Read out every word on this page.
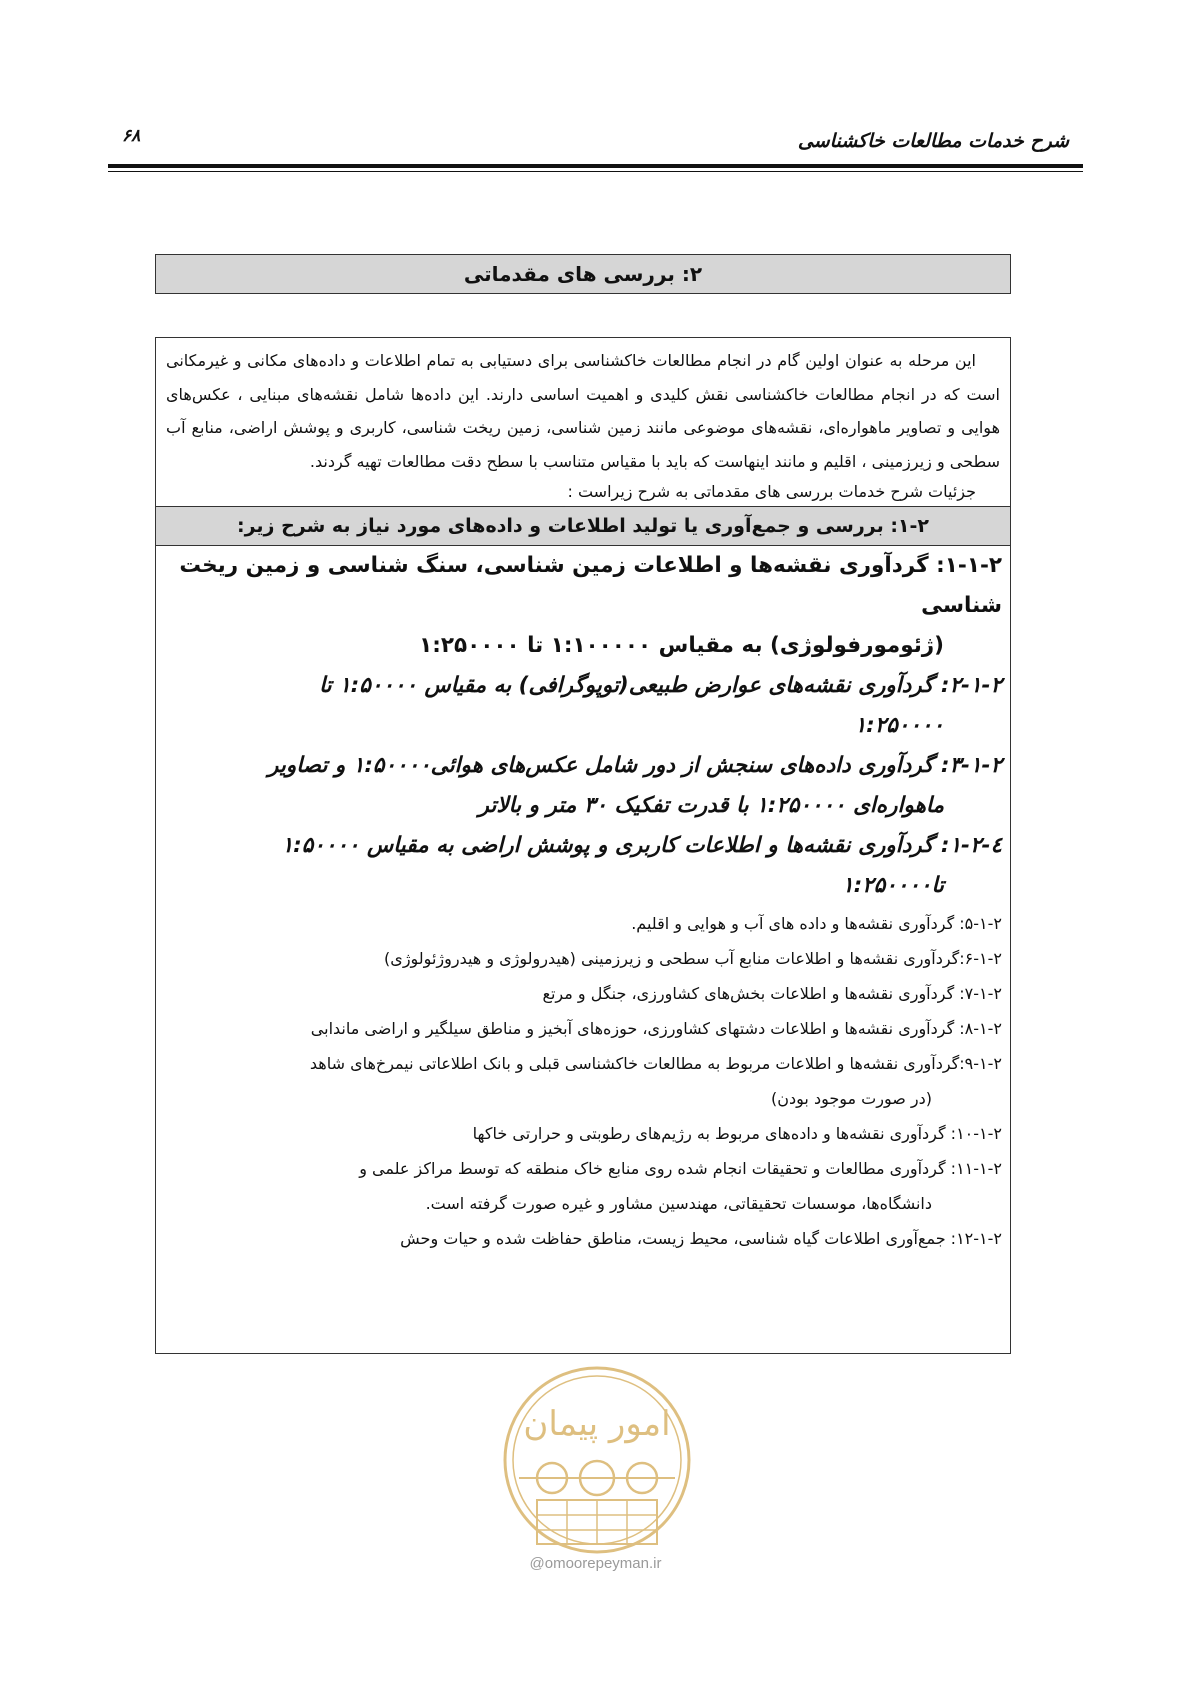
۶۸	شرح خدمات مطالعات خاکشناسی
۲: بررسی های مقدماتی

این مرحله به عنوان اولین گام در انجام مطالعات خاکشناسی برای دستیابی به تمام اطلاعات و داده‌های مکانی و غیرمکانی است که در انجام مطالعات خاکشناسی نقش کلیدی و اهمیت اساسی دارند. این داده‌ها شامل نقشه‌های مبنایی ، عکس‌های هوایی و تصاویر ماهواره‌ای، نقشه‌های موضوعی مانند زمین شناسی، زمین ریخت شناسی، کاربری و پوشش اراضی، منابع آب سطحی و زیرزمینی ، اقلیم و مانند اینهاست که باید با مقیاس متناسب با سطح دقت مطالعات تهیه گردند.

جزئیات شرح خدمات بررسی های مقدماتی به شرح زیراست :
۱-۲: بررسی و جمع‌آوری یا تولید اطلاعات و داده‌های مورد نیاز به شرح زیر:

۱-۱-۲: گردآوری نقشه‌ها و اطلاعات زمین شناسی، سنگ شناسی و زمین ریخت شناسی
(ژئومورفولوژی) به مقیاس ۱:۱۰۰۰۰۰ تا ۱:۲۵۰۰۰۰

۲-۱-۲: گردآوری نقشه‌های عوارض طبیعی(توپوگرافی) به مقیاس ۱:۵۰۰۰۰ تا
۱:۲۵۰۰۰۰

۳-۱-۲: گردآوری داده‌های سنجش از دور شامل عکس‌های هوائی۱:۵۰۰۰۰ و تصاویر
ماهواره‌ای ۱:۲۵۰۰۰۰ با قدرت تفکیک ۳۰ متر و بالاتر

٤-۱-۲: گردآوری نقشه‌ها و اطلاعات کاربری و پوشش اراضی به مقیاس ۱:۵۰۰۰۰
تا۱:۲۵۰۰۰۰

۵-۱-۲: گردآوری نقشه‌ها و داده های آب و هوایی و اقلیم.

۶-۱-۲:گردآوری نقشه‌ها و اطلاعات منابع آب سطحی و زیرزمینی (هیدرولوژی و هیدروژئولوژی)

۷-۱-۲: گردآوری نقشه‌ها و اطلاعات بخش‌های کشاورزی، جنگل و مرتع

۸-۱-۲: گردآوری نقشه‌ها و اطلاعات دشتهای کشاورزی، حوزه‌های آبخیز و مناطق سیلگیر و اراضی ماندابی

۹-۱-۲:گردآوری نقشه‌ها و اطلاعات مربوط به مطالعات خاکشناسی قبلی و بانک اطلاعاتی نیمرخ‌های شاهد
(در صورت موجود بودن)

۱۰-۱-۲: گردآوری نقشه‌ها و داده‌های مربوط به رژیم‌های رطوبتی و حرارتی خاکها

۱۱-۱-۲: گردآوری مطالعات و تحقیقات انجام شده روی منابع خاک منطقه که توسط مراکز علمی و
دانشگاه‌ها، موسسات تحقیقاتی، مهندسین مشاور و غیره صورت گرفته است.

۱۲-۱-۲: جمع‌آوری اطلاعات گیاه شناسی، محیط زیست، مناطق حفاظت شده و حیات وحش

امور پیمان
@omoorepeyman.ir
